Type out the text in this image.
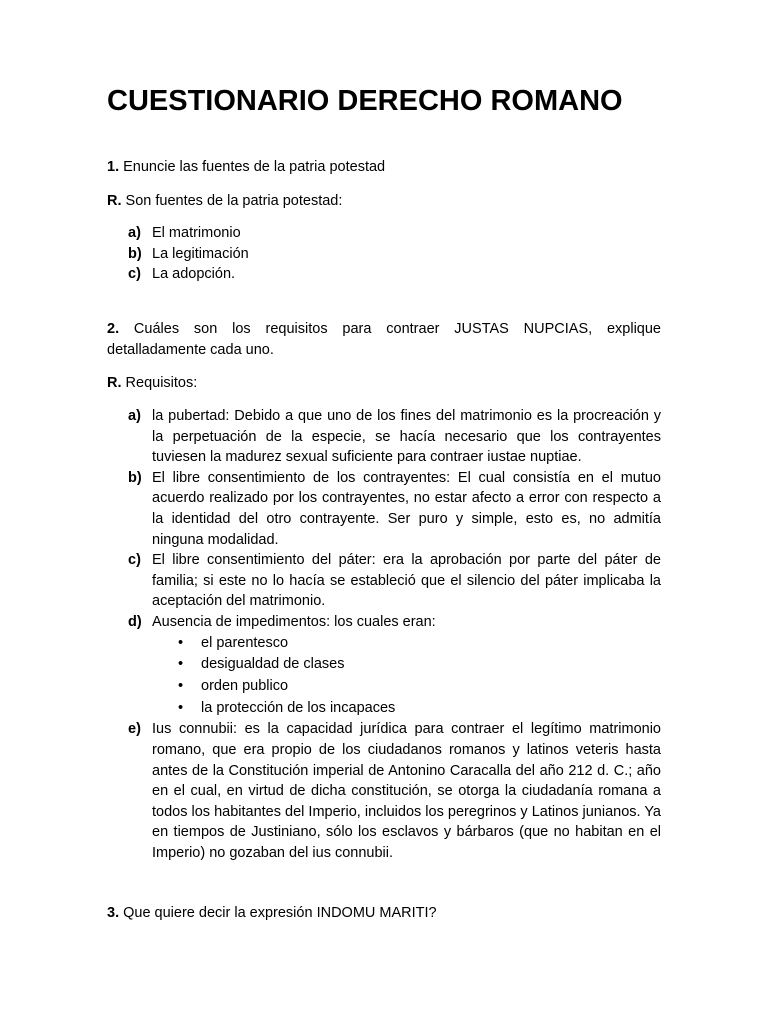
CUESTIONARIO DERECHO ROMANO

1. Enuncie las fuentes de la patria potestad

R. Son fuentes de la patria potestad:

a) El matrimonio
b) La legitimación
c) La adopción.

2. Cuáles son los requisitos para contraer JUSTAS NUPCIAS, explique detalladamente cada uno.

R. Requisitos:

a) la pubertad: Debido a que uno de los fines del matrimonio es la procreación y la perpetuación de la especie, se hacía necesario que los contrayentes tuviesen la madurez sexual suficiente para contraer iustae nuptiae.
b) El libre consentimiento de los contrayentes: El cual consistía en el mutuo acuerdo realizado por los contrayentes, no estar afecto a error con respecto a la identidad del otro contrayente. Ser puro y simple, esto es, no admitía ninguna modalidad.
c) El libre consentimiento del páter: era la aprobación por parte del páter de familia; si este no lo hacía se estableció que el silencio del páter implicaba la aceptación del matrimonio.
d) Ausencia de impedimentos: los cuales eran:
• el parentesco
• desigualdad de clases
• orden publico
• la protección de los incapaces
e) Ius connubii: es la capacidad jurídica para contraer el legítimo matrimonio romano, que era propio de los ciudadanos romanos y latinos veteris hasta antes de la Constitución imperial de Antonino Caracalla del año 212 d. C.; año en el cual, en virtud de dicha constitución, se otorga la ciudadanía romana a todos los habitantes del Imperio, incluidos los peregrinos y Latinos junianos. Ya en tiempos de Justiniano, sólo los esclavos y bárbaros (que no habitan en el Imperio) no gozaban del ius connubii.

3. Que quiere decir la expresión INDOMU MARITI?
